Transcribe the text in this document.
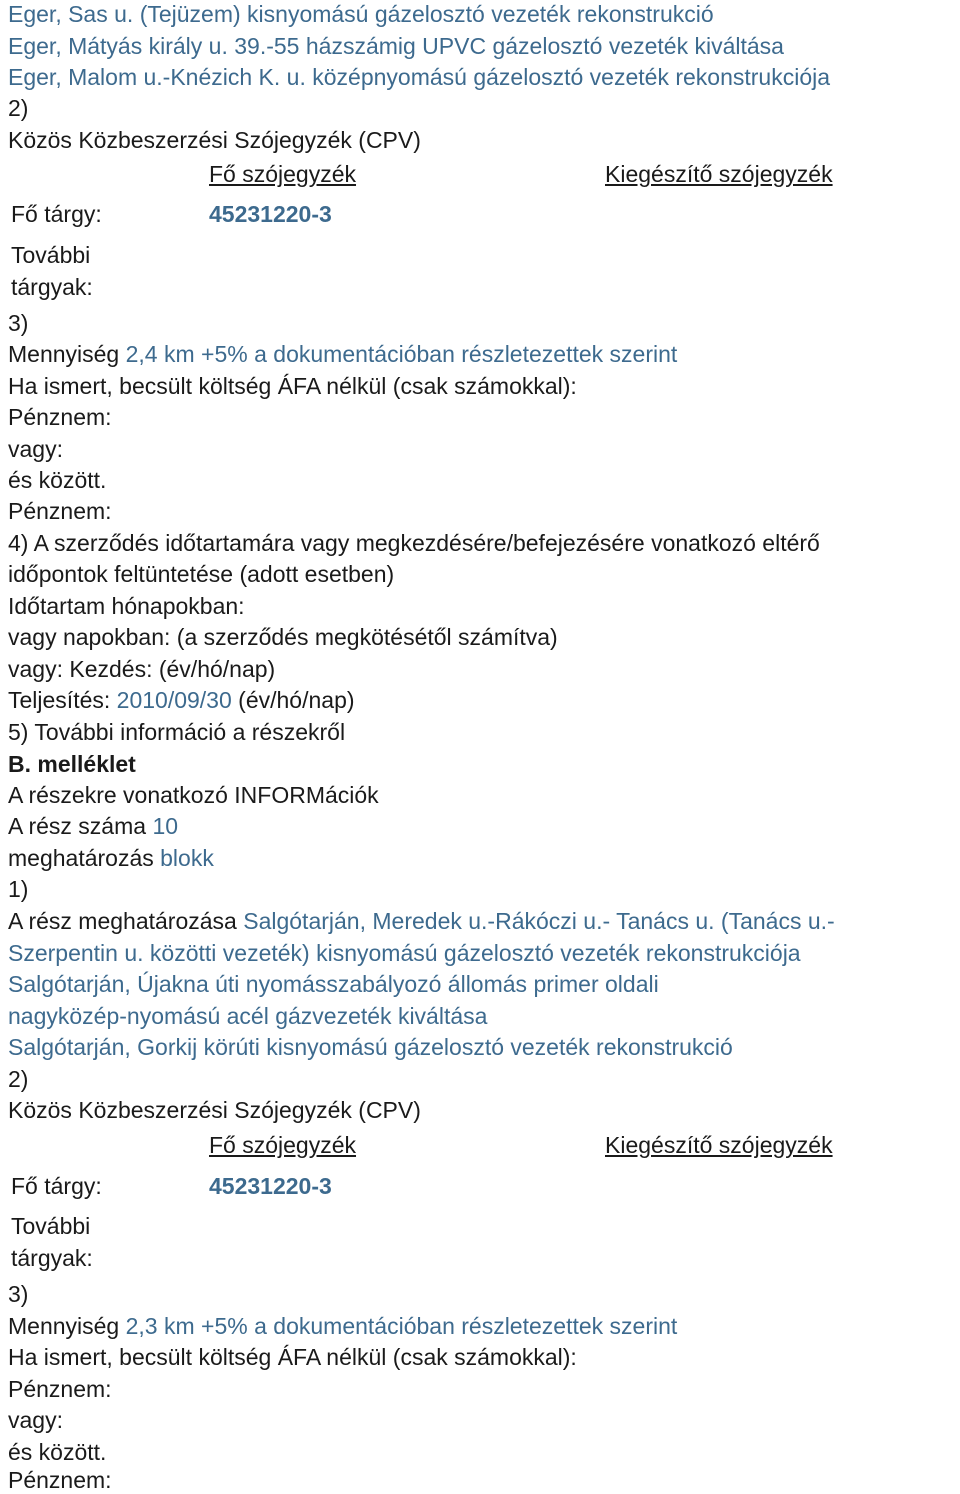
Eger, Sas u. (Tejüzem) kisnyomású gázelosztó vezeték rekonstrukció
Eger, Mátyás király u. 39.-55 házszámig UPVC gázelosztó vezeték kiváltása
Eger, Malom u.-Knézich K. u. középnyomású gázelosztó vezeték rekonstrukciója
2)
Közös Közbeszerzési Szójegyzék (CPV)
Fő szójegyzék	Kiegészítő szójegyzék
Fő tárgy:	45231220-3
További
tárgyak:
3)
Mennyiség 2,4 km +5% a dokumentációban részletezettek szerint
Ha ismert, becsült költség ÁFA nélkül (csak számokkal):
Pénznem:
vagy:
és között.
Pénznem:
4) A szerződés időtartamára vagy megkezdésére/befejezésére vonatkozó eltérő
időpontok feltüntetése (adott esetben)
Időtartam hónapokban:
vagy napokban: (a szerződés megkötésétől számítva)
vagy: Kezdés: (év/hó/nap)
Teljesítés: 2010/09/30 (év/hó/nap)
5) További információ a részekről
B. melléklet
A részekre vonatkozó INFORMációk
A rész száma 10
meghatározás blokk
1)
A rész meghatározása Salgótarján, Meredek u.-Rákóczi u.- Tanács u. (Tanács u.-
Szerpentin u. közötti vezeték) kisnyomású gázelosztó vezeték rekonstrukciója
Salgótarján, Újakna úti nyomásszabályozó állomás primer oldali
nagyközép-nyomású acél gázvezeték kiváltása
Salgótarján, Gorkij körúti kisnyomású gázelosztó vezeték rekonstrukció
2)
Közös Közbeszerzési Szójegyzék (CPV)
Fő szójegyzék	Kiegészítő szójegyzék
Fő tárgy:	45231220-3
További
tárgyak:
3)
Mennyiség 2,3 km +5% a dokumentációban részletezettek szerint
Ha ismert, becsült költség ÁFA nélkül (csak számokkal):
Pénznem:
vagy:
és között.
Pénznem:
